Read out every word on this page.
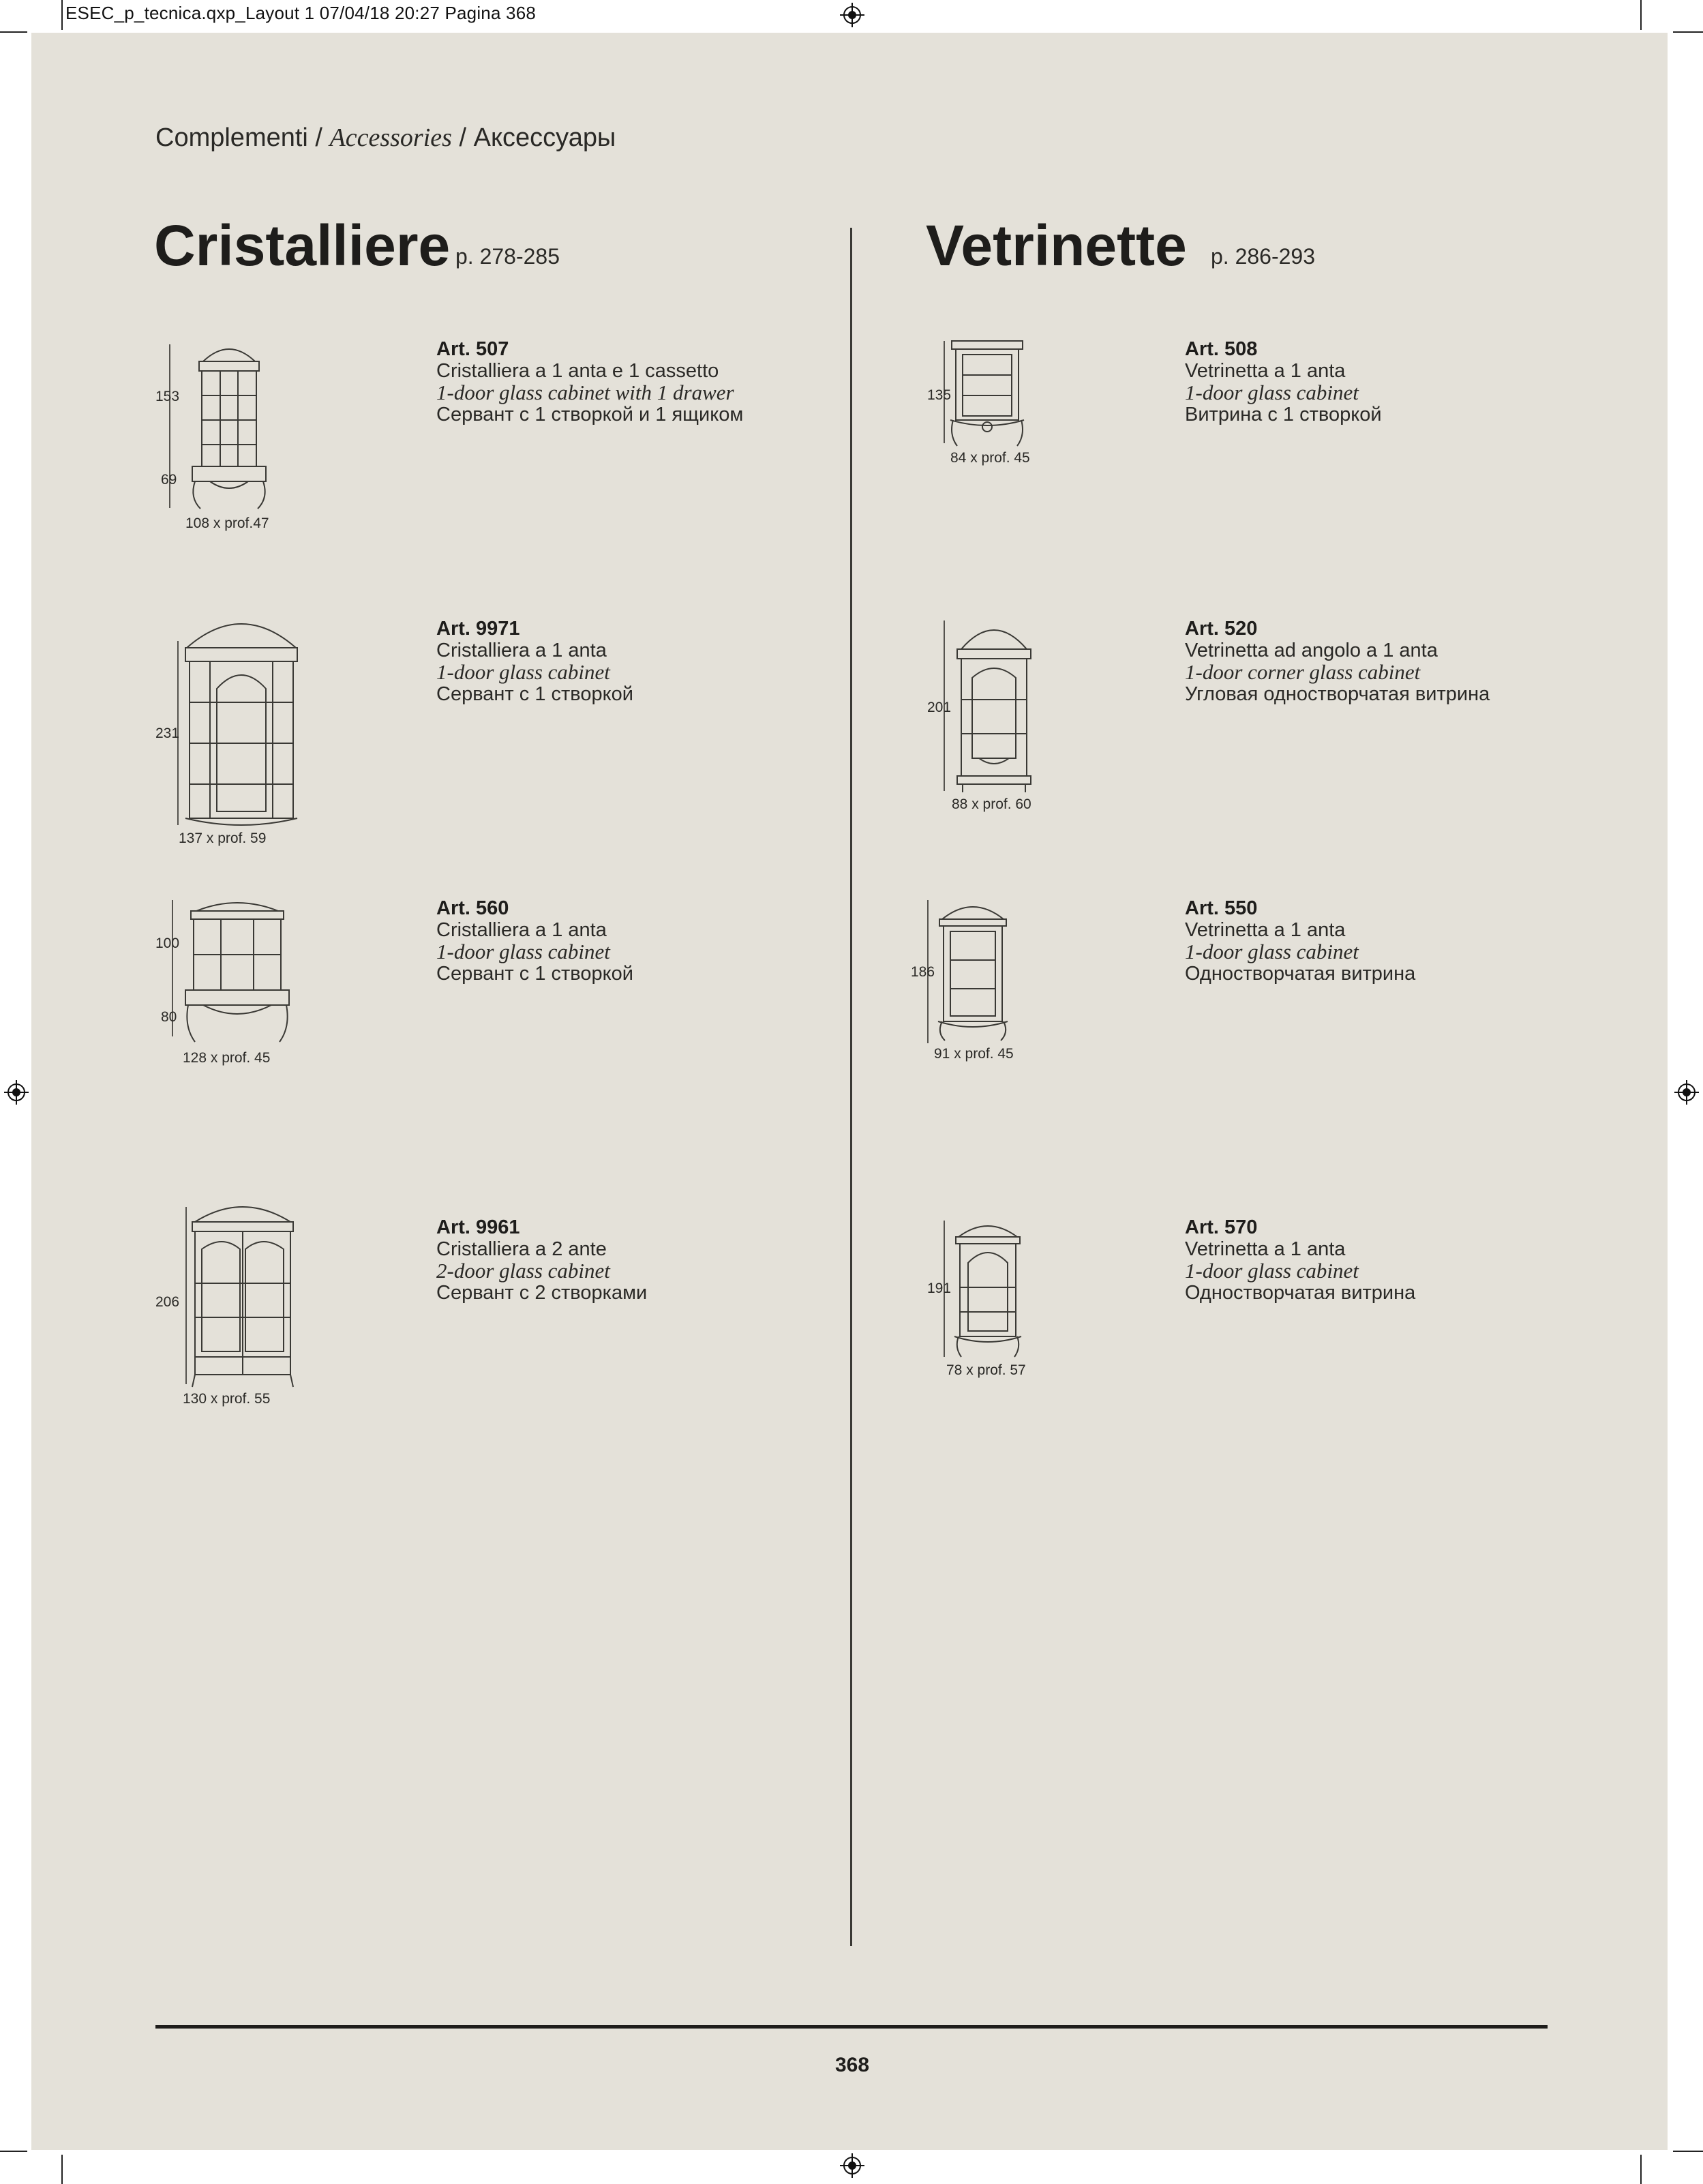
ESEC_p_tecnica.qxp_Layout 1 07/04/18 20:27 Pagina 368
Complementi / Accessories / Аксессуары
Cristalliere p. 278-285	Vetrinette p. 286-293
Art. 507
Cristalliera a 1 anta e 1 cassetto
1-door glass cabinet with 1 drawer
Сервант с 1 створкой и 1 ящиком
153
69
108 x prof.47
Art. 9971
Cristalliera a 1 anta
1-door glass cabinet
Сервант с 1 створкой
231
137 x prof. 59
Art. 560
Cristalliera a 1 anta
1-door glass cabinet
Сервант с 1 створкой
100
80
128 x prof. 45
Art. 9961
Cristalliera a 2 ante
2-door glass cabinet
Сервант с 2 створками
206
130 x prof. 55
Art. 508
Vetrinetta a 1 anta
1-door glass cabinet
Витрина с 1 створкой
135
84 x prof. 45
Art. 520
Vetrinetta ad angolo a 1 anta
1-door corner glass cabinet
Угловая одностворчатая витрина
201
88 x prof. 60
Art. 550
Vetrinetta a 1 anta
1-door glass cabinet
Одностворчатая витрина
186
91 x prof. 45
Art. 570
Vetrinetta a 1 anta
1-door glass cabinet
Одностворчатая витрина
191
78 x prof. 57
368
